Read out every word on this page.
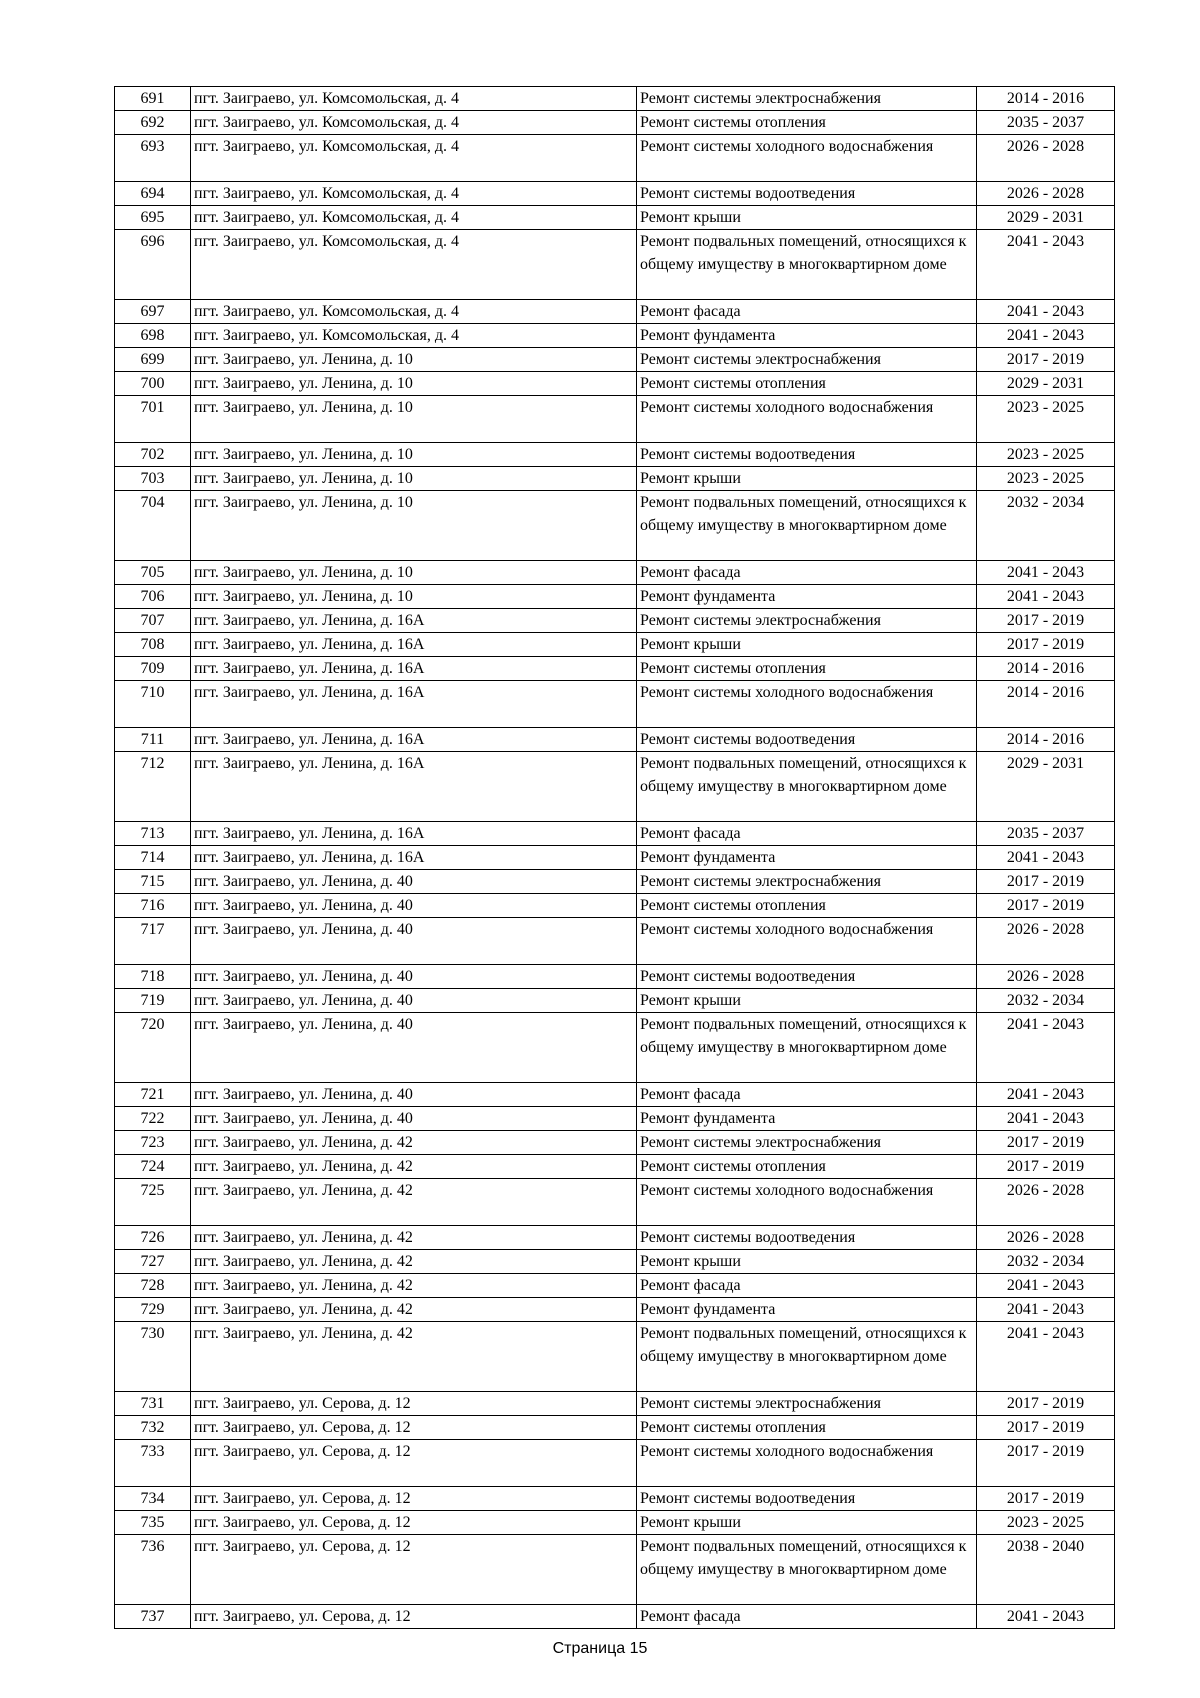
691	пгт. Заиграево, ул. Комсомольская, д. 4	Ремонт системы электроснабжения	2014 - 2016
692	пгт. Заиграево, ул. Комсомольская, д. 4	Ремонт системы отопления	2035 - 2037
693	пгт. Заиграево, ул. Комсомольская, д. 4	Ремонт системы холодного водоснабжения	2026 - 2028
694	пгт. Заиграево, ул. Комсомольская, д. 4	Ремонт системы водоотведения	2026 - 2028
695	пгт. Заиграево, ул. Комсомольская, д. 4	Ремонт крыши	2029 - 2031
696	пгт. Заиграево, ул. Комсомольская, д. 4	Ремонт подвальных помещений, относящихся к общему имуществу в многоквартирном доме	2041 - 2043
697	пгт. Заиграево, ул. Комсомольская, д. 4	Ремонт фасада	2041 - 2043
698	пгт. Заиграево, ул. Комсомольская, д. 4	Ремонт фундамента	2041 - 2043
699	пгт. Заиграево, ул. Ленина, д. 10	Ремонт системы электроснабжения	2017 - 2019
700	пгт. Заиграево, ул. Ленина, д. 10	Ремонт системы отопления	2029 - 2031
701	пгт. Заиграево, ул. Ленина, д. 10	Ремонт системы холодного водоснабжения	2023 - 2025
702	пгт. Заиграево, ул. Ленина, д. 10	Ремонт системы водоотведения	2023 - 2025
703	пгт. Заиграево, ул. Ленина, д. 10	Ремонт крыши	2023 - 2025
704	пгт. Заиграево, ул. Ленина, д. 10	Ремонт подвальных помещений, относящихся к общему имуществу в многоквартирном доме	2032 - 2034
705	пгт. Заиграево, ул. Ленина, д. 10	Ремонт фасада	2041 - 2043
706	пгт. Заиграево, ул. Ленина, д. 10	Ремонт фундамента	2041 - 2043
707	пгт. Заиграево, ул. Ленина, д. 16А	Ремонт системы электроснабжения	2017 - 2019
708	пгт. Заиграево, ул. Ленина, д. 16А	Ремонт крыши	2017 - 2019
709	пгт. Заиграево, ул. Ленина, д. 16А	Ремонт системы отопления	2014 - 2016
710	пгт. Заиграево, ул. Ленина, д. 16А	Ремонт системы холодного водоснабжения	2014 - 2016
711	пгт. Заиграево, ул. Ленина, д. 16А	Ремонт системы водоотведения	2014 - 2016
712	пгт. Заиграево, ул. Ленина, д. 16А	Ремонт подвальных помещений, относящихся к общему имуществу в многоквартирном доме	2029 - 2031
713	пгт. Заиграево, ул. Ленина, д. 16А	Ремонт фасада	2035 - 2037
714	пгт. Заиграево, ул. Ленина, д. 16А	Ремонт фундамента	2041 - 2043
715	пгт. Заиграево, ул. Ленина, д. 40	Ремонт системы электроснабжения	2017 - 2019
716	пгт. Заиграево, ул. Ленина, д. 40	Ремонт системы отопления	2017 - 2019
717	пгт. Заиграево, ул. Ленина, д. 40	Ремонт системы холодного водоснабжения	2026 - 2028
718	пгт. Заиграево, ул. Ленина, д. 40	Ремонт системы водоотведения	2026 - 2028
719	пгт. Заиграево, ул. Ленина, д. 40	Ремонт крыши	2032 - 2034
720	пгт. Заиграево, ул. Ленина, д. 40	Ремонт подвальных помещений, относящихся к общему имуществу в многоквартирном доме	2041 - 2043
721	пгт. Заиграево, ул. Ленина, д. 40	Ремонт фасада	2041 - 2043
722	пгт. Заиграево, ул. Ленина, д. 40	Ремонт фундамента	2041 - 2043
723	пгт. Заиграево, ул. Ленина, д. 42	Ремонт системы электроснабжения	2017 - 2019
724	пгт. Заиграево, ул. Ленина, д. 42	Ремонт системы отопления	2017 - 2019
725	пгт. Заиграево, ул. Ленина, д. 42	Ремонт системы холодного водоснабжения	2026 - 2028
726	пгт. Заиграево, ул. Ленина, д. 42	Ремонт системы водоотведения	2026 - 2028
727	пгт. Заиграево, ул. Ленина, д. 42	Ремонт крыши	2032 - 2034
728	пгт. Заиграево, ул. Ленина, д. 42	Ремонт фасада	2041 - 2043
729	пгт. Заиграево, ул. Ленина, д. 42	Ремонт фундамента	2041 - 2043
730	пгт. Заиграево, ул. Ленина, д. 42	Ремонт подвальных помещений, относящихся к общему имуществу в многоквартирном доме	2041 - 2043
731	пгт. Заиграево, ул. Серова, д. 12	Ремонт системы электроснабжения	2017 - 2019
732	пгт. Заиграево, ул. Серова, д. 12	Ремонт системы отопления	2017 - 2019
733	пгт. Заиграево, ул. Серова, д. 12	Ремонт системы холодного водоснабжения	2017 - 2019
734	пгт. Заиграево, ул. Серова, д. 12	Ремонт системы водоотведения	2017 - 2019
735	пгт. Заиграево, ул. Серова, д. 12	Ремонт крыши	2023 - 2025
736	пгт. Заиграево, ул. Серова, д. 12	Ремонт подвальных помещений, относящихся к общему имуществу в многоквартирном доме	2038 - 2040
737	пгт. Заиграево, ул. Серова, д. 12	Ремонт фасада	2041 - 2043
Страница 15
